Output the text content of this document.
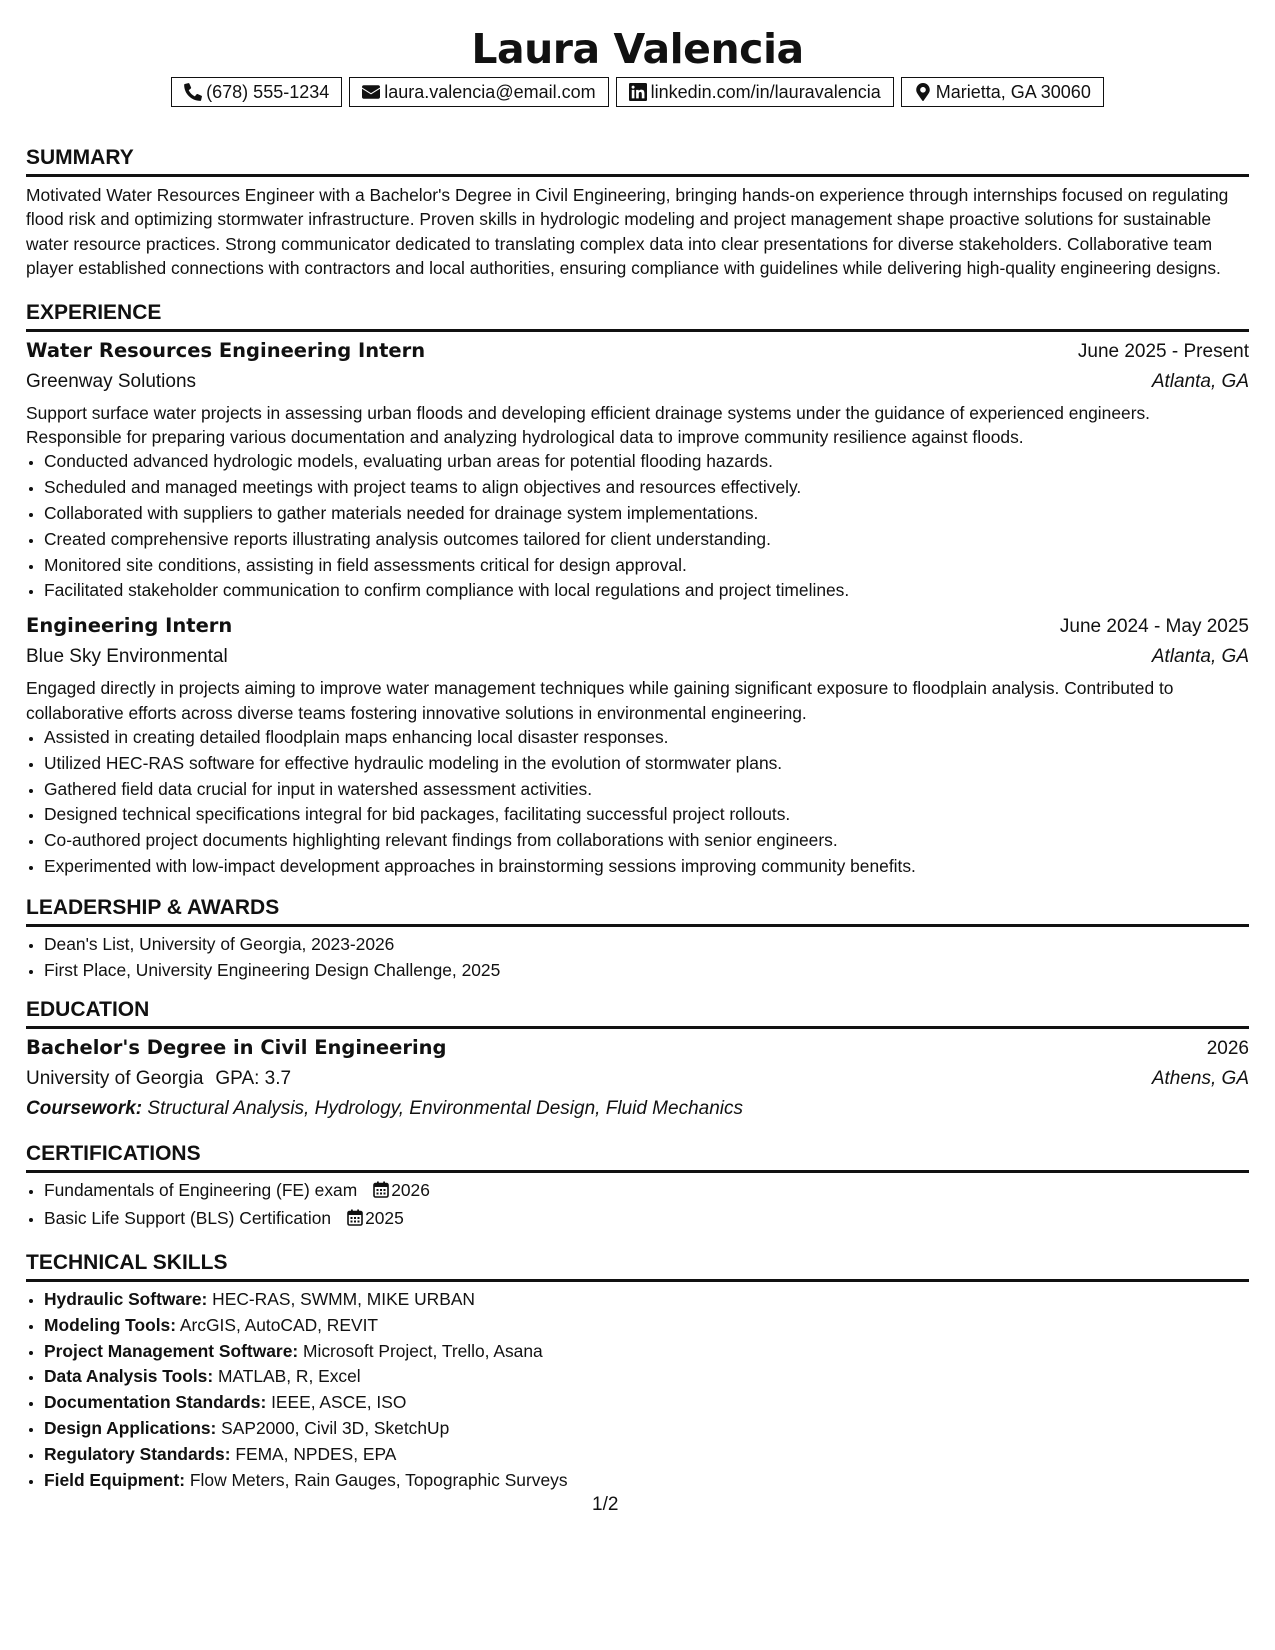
Laura Valencia
(678) 555-1234	laura.valencia@email.com	linkedin.com/in/lauravalencia	Marietta, GA 30060
SUMMARY
Motivated Water Resources Engineer with a Bachelor's Degree in Civil Engineering, bringing hands-on experience through internships focused on regulating flood risk and optimizing stormwater infrastructure. Proven skills in hydrologic modeling and project management shape proactive solutions for sustainable water resource practices. Strong communicator dedicated to translating complex data into clear presentations for diverse stakeholders. Collaborative team player established connections with contractors and local authorities, ensuring compliance with guidelines while delivering high-quality engineering designs.
EXPERIENCE
Water Resources Engineering Intern	June 2025 - Present
Greenway Solutions	Atlanta, GA
Support surface water projects in assessing urban floods and developing efficient drainage systems under the guidance of experienced engineers. Responsible for preparing various documentation and analyzing hydrological data to improve community resilience against floods.
• Conducted advanced hydrologic models, evaluating urban areas for potential flooding hazards.
• Scheduled and managed meetings with project teams to align objectives and resources effectively.
• Collaborated with suppliers to gather materials needed for drainage system implementations.
• Created comprehensive reports illustrating analysis outcomes tailored for client understanding.
• Monitored site conditions, assisting in field assessments critical for design approval.
• Facilitated stakeholder communication to confirm compliance with local regulations and project timelines.
Engineering Intern	June 2024 - May 2025
Blue Sky Environmental	Atlanta, GA
Engaged directly in projects aiming to improve water management techniques while gaining significant exposure to floodplain analysis. Contributed to collaborative efforts across diverse teams fostering innovative solutions in environmental engineering.
• Assisted in creating detailed floodplain maps enhancing local disaster responses.
• Utilized HEC-RAS software for effective hydraulic modeling in the evolution of stormwater plans.
• Gathered field data crucial for input in watershed assessment activities.
• Designed technical specifications integral for bid packages, facilitating successful project rollouts.
• Co-authored project documents highlighting relevant findings from collaborations with senior engineers.
• Experimented with low-impact development approaches in brainstorming sessions improving community benefits.
LEADERSHIP & AWARDS
• Dean's List, University of Georgia, 2023-2026
• First Place, University Engineering Design Challenge, 2025
EDUCATION
Bachelor's Degree in Civil Engineering	2026
University of Georgia GPA: 3.7	Athens, GA
Coursework: Structural Analysis, Hydrology, Environmental Design, Fluid Mechanics
CERTIFICATIONS
• Fundamentals of Engineering (FE) exam 2026
• Basic Life Support (BLS) Certification 2025
TECHNICAL SKILLS
• Hydraulic Software: HEC-RAS, SWMM, MIKE URBAN
• Modeling Tools: ArcGIS, AutoCAD, REVIT
• Project Management Software: Microsoft Project, Trello, Asana
• Data Analysis Tools: MATLAB, R, Excel
• Documentation Standards: IEEE, ASCE, ISO
• Design Applications: SAP2000, Civil 3D, SketchUp
• Regulatory Standards: FEMA, NPDES, EPA
• Field Equipment: Flow Meters, Rain Gauges, Topographic Surveys
1/2
